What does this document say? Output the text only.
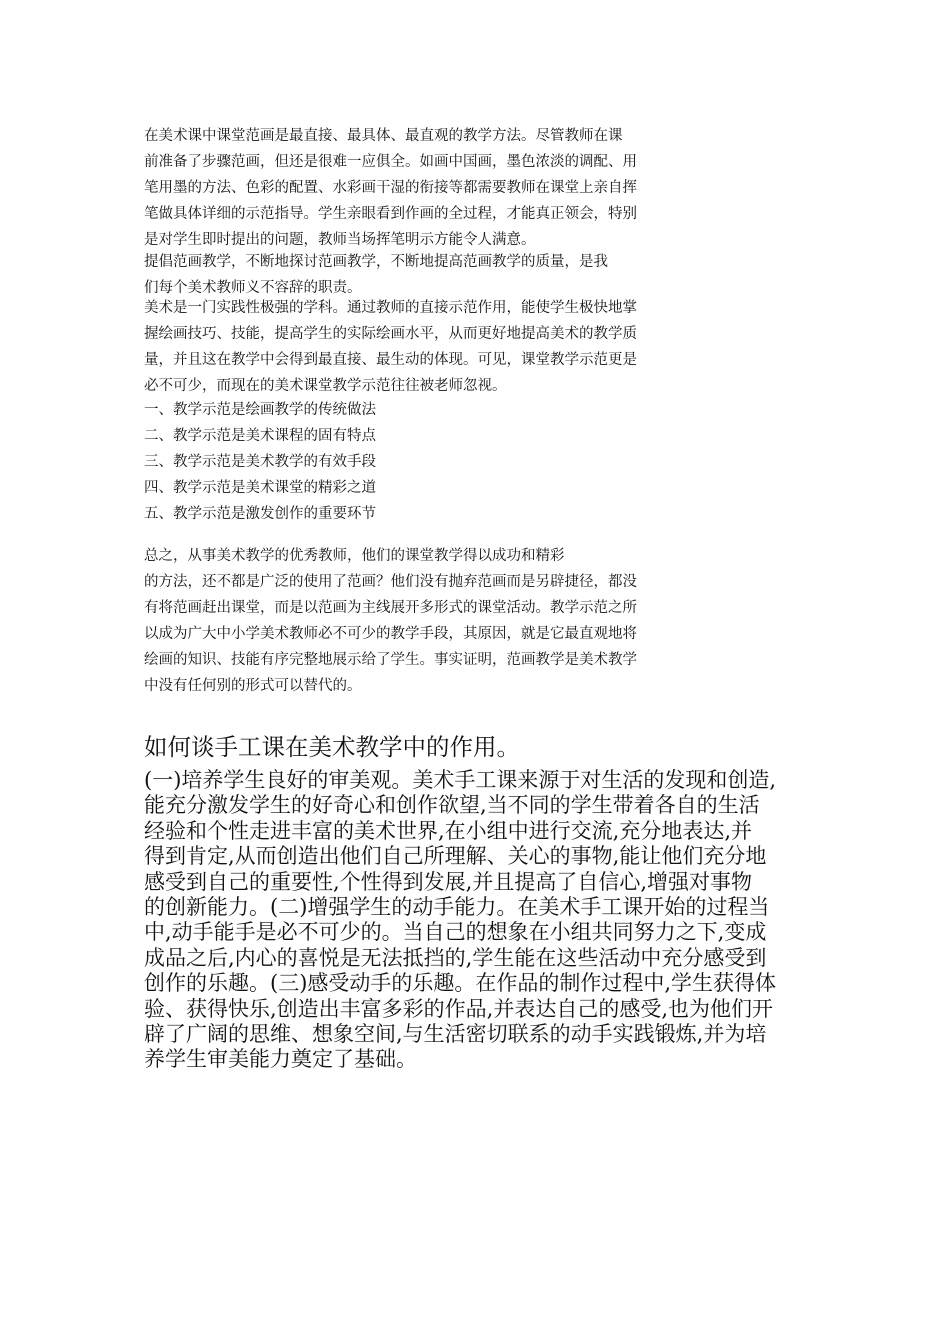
在美术课中课堂范画是最直接、最具体、最直观的教学方法。尽管教师在课
前准备了步骤范画，但还是很难一应俱全。如画中国画，墨色浓淡的调配、用
笔用墨的方法、色彩的配置、水彩画干湿的衔接等都需要教师在课堂上亲自挥
笔做具体详细的示范指导。学生亲眼看到作画的全过程，才能真正领会，特别
是对学生即时提出的问题，教师当场挥笔明示方能令人满意。
提倡范画教学，不断地探讨范画教学，不断地提高范画教学的质量，是我
们每个美术教师义不容辞的职责。
美术是一门实践性极强的学科。通过教师的直接示范作用，能使学生极快地掌
握绘画技巧、技能，提高学生的实际绘画水平，从而更好地提高美术的教学质
量，并且这在教学中会得到最直接、最生动的体现。可见，课堂教学示范更是
必不可少，而现在的美术课堂教学示范往往被老师忽视。
一、教学示范是绘画教学的传统做法
二、教学示范是美术课程的固有特点
三、教学示范是美术教学的有效手段
四、教学示范是美术课堂的精彩之道
五、教学示范是激发创作的重要环节
总之，从事美术教学的优秀教师，他们的课堂教学得以成功和精彩
的方法，还不都是广泛的使用了范画？他们没有抛弃范画而是另辟捷径，都没
有将范画赶出课堂，而是以范画为主线展开多形式的课堂活动。教学示范之所
以成为广大中小学美术教师必不可少的教学手段，其原因，就是它最直观地将
绘画的知识、技能有序完整地展示给了学生。事实证明，范画教学是美术教学
中没有任何别的形式可以替代的。
如何谈手工课在美术教学中的作用。
(一)培养学生良好的审美观。美术手工课来源于对生活的发现和创造,
能充分激发学生的好奇心和创作欲望,当不同的学生带着各自的生活
经验和个性走进丰富的美术世界,在小组中进行交流,充分地表达,并
得到肯定,从而创造出他们自己所理解、关心的事物,能让他们充分地
感受到自己的重要性,个性得到发展,并且提高了自信心,增强对事物
的创新能力。(二)增强学生的动手能力。在美术手工课开始的过程当
中,动手能手是必不可少的。当自己的想象在小组共同努力之下,变成
成品之后,内心的喜悦是无法抵挡的,学生能在这些活动中充分感受到
创作的乐趣。(三)感受动手的乐趣。在作品的制作过程中,学生获得体
验、获得快乐,创造出丰富多彩的作品,并表达自己的感受,也为他们开
辟了广阔的思维、想象空间,与生活密切联系的动手实践锻炼,并为培
养学生审美能力奠定了基础。
